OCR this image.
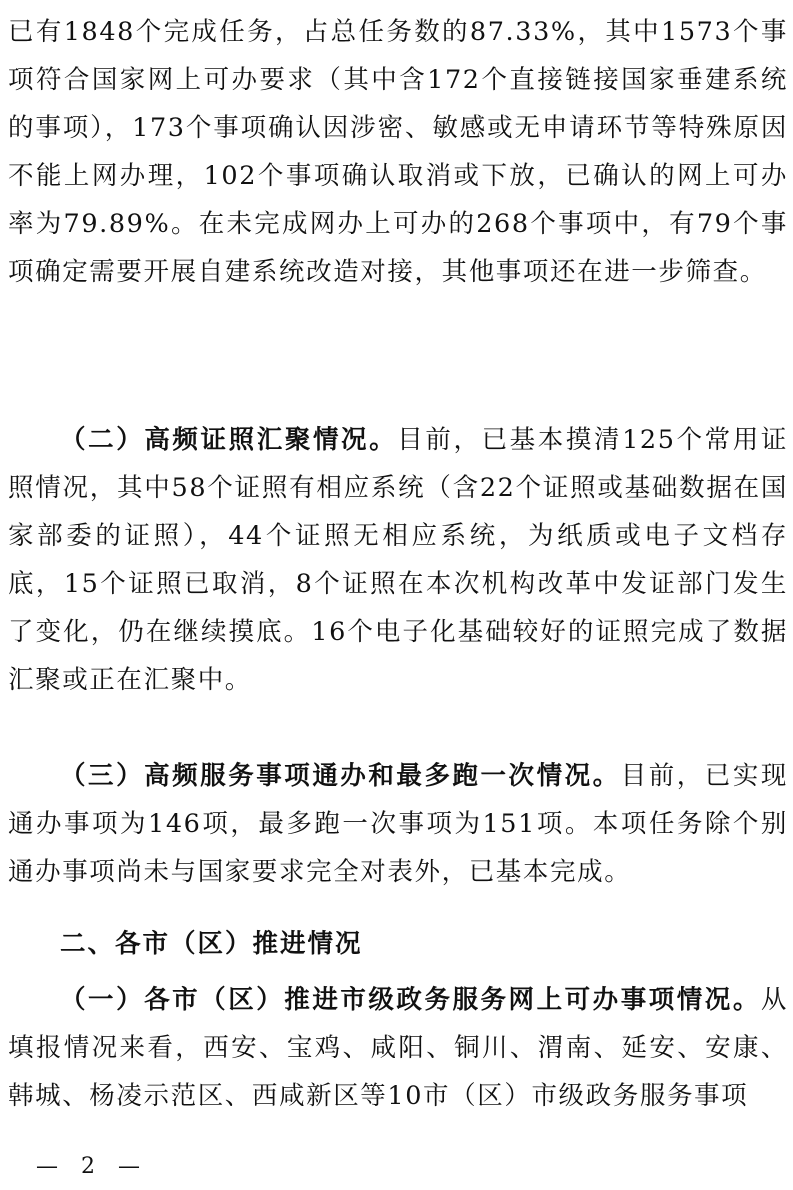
已有1848个完成任务，占总任务数的87.33%，其中1573个事项符合国家网上可办要求（其中含172个直接链接国家垂建系统的事项），173个事项确认因涉密、敏感或无申请环节等特殊原因不能上网办理，102个事项确认取消或下放，已确认的网上可办率为79.89%。在未完成网办上可办的268个事项中，有79个事项确定需要开展自建系统改造对接，其他事项还在进一步筛查。

（二）高频证照汇聚情况。目前，已基本摸清125个常用证照情况，其中58个证照有相应系统（含22个证照或基础数据在国家部委的证照），44个证照无相应系统，为纸质或电子文档存底，15个证照已取消，8个证照在本次机构改革中发证部门发生了变化，仍在继续摸底。16个电子化基础较好的证照完成了数据汇聚或正在汇聚中。

（三）高频服务事项通办和最多跑一次情况。目前，已实现通办事项为146项，最多跑一次事项为151项。本项任务除个别通办事项尚未与国家要求完全对表外，已基本完成。

二、各市（区）推进情况

（一）各市（区）推进市级政务服务网上可办事项情况。从填报情况来看，西安、宝鸡、咸阳、铜川、渭南、延安、安康、韩城、杨凌示范区、西咸新区等10市（区）市级政务服务事项

— 2 —
